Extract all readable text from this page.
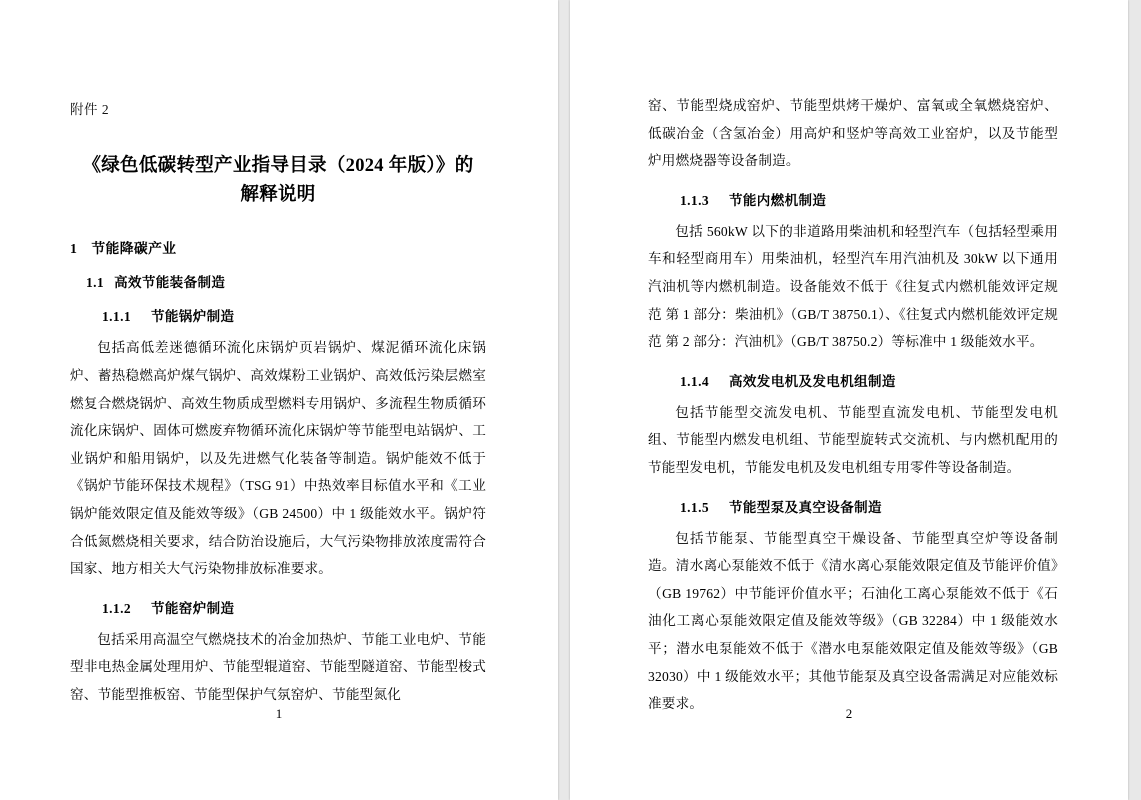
附件 2
《绿色低碳转型产业指导目录（2024 年版）》的
解释说明
1 节能降碳产业
1.1 高效节能装备制造
1.1.1 节能锅炉制造
包括高低差迷德循环流化床锅炉页岩锅炉、煤泥循环流化床锅炉、蓄热稳燃高炉煤气锅炉、高效煤粉工业锅炉、高效低污染层燃室燃复合燃烧锅炉、高效生物质成型燃料专用锅炉、多流程生物质循环流化床锅炉、固体可燃废弃物循环流化床锅炉等节能型电站锅炉、工业锅炉和船用锅炉，以及先进燃气化装备等制造。锅炉能效不低于《锅炉节能环保技术规程》（TSG 91）中热效率目标值水平和《工业锅炉能效限定值及能效等级》（GB 24500）中 1 级能效水平。锅炉符合低氮燃烧相关要求，结合防治设施后，大气污染物排放浓度需符合国家、地方相关大气污染物排放标准要求。
1.1.2 节能窑炉制造
包括采用高温空气燃烧技术的冶金加热炉、节能工业电炉、节能型非电热金属处理用炉、节能型辊道窑、节能型隧道窑、节能型梭式窑、节能型推板窑、节能型保护气氛窑炉、节能型氮化
1
窑、节能型烧成窑炉、节能型烘烤干燥炉、富氧或全氧燃烧窑炉、低碳冶金（含氢冶金）用高炉和竖炉等高效工业窑炉，以及节能型炉用燃烧器等设备制造。
1.1.3 节能内燃机制造
包括 560kW 以下的非道路用柴油机和轻型汽车（包括轻型乘用车和轻型商用车）用柴油机，轻型汽车用汽油机及 30kW 以下通用汽油机等内燃机制造。设备能效不低于《往复式内燃机能效评定规范 第 1 部分：柴油机》（GB/T 38750.1）、《往复式内燃机能效评定规范 第 2 部分：汽油机》（GB/T 38750.2）等标准中 1 级能效水平。
1.1.4 高效发电机及发电机组制造
包括节能型交流发电机、节能型直流发电机、节能型发电机组、节能型内燃发电机组、节能型旋转式交流机、与内燃机配用的节能型发电机，节能发电机及发电机组专用零件等设备制造。
1.1.5 节能型泵及真空设备制造
包括节能泵、节能型真空干燥设备、节能型真空炉等设备制造。清水离心泵能效不低于《清水离心泵能效限定值及节能评价值》（GB 19762）中节能评价值水平；石油化工离心泵能效不低于《石油化工离心泵能效限定值及能效等级》（GB 32284）中 1 级能效水平；潜水电泵能效不低于《潜水电泵能效限定值及能效等级》（GB 32030）中 1 级能效水平；其他节能泵及真空设备需满足对应能效标准要求。
2
